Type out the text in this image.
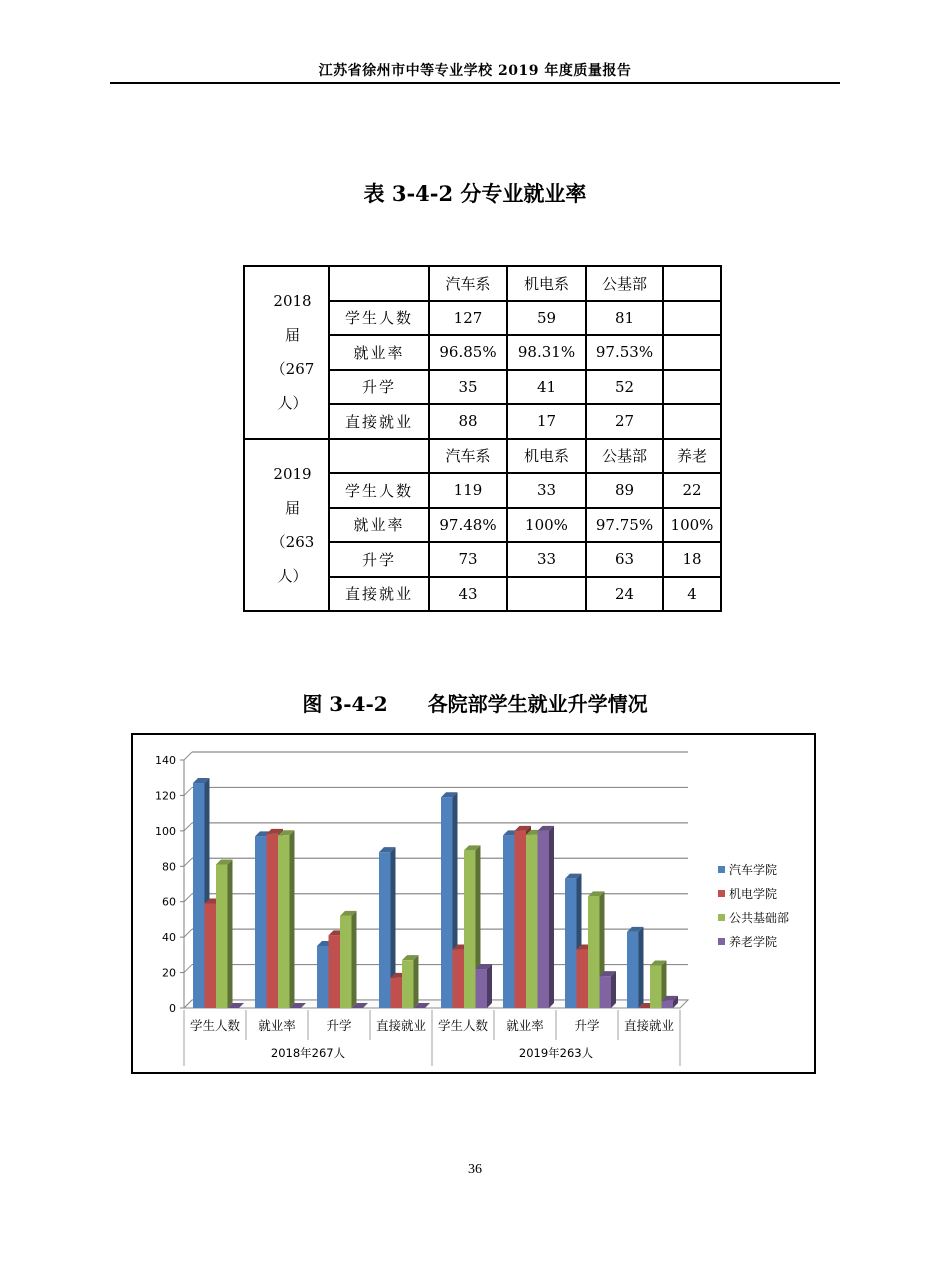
江苏省徐州市中等专业学校 2019 年度质量报告
表 3-4-2 分专业就业率
2018
届
（267
人）		汽车系	机电系	公基部	
	学生人数	127	59	81	
	就业率	96.85%	98.31%	97.53%	
	升学	35	41	52	
	直接就业	88	17	27	

2019
届
（263
人）		汽车系	机电系	公基部	养老
	学生人数	119	33	89	22
	就业率	97.48%	100%	97.75%	100%
	升学	73	33	63	18
	直接就业	43		24	4
图 3-4-2　　各院部学生就业升学情况
0
20
40
60
80
100
120
140
学生人数 就业率 升学 直接就业 学生人数 就业率 升学 直接就业
2018年267人	2019年263人
汽车学院
机电学院
公共基础部
养老学院
36
